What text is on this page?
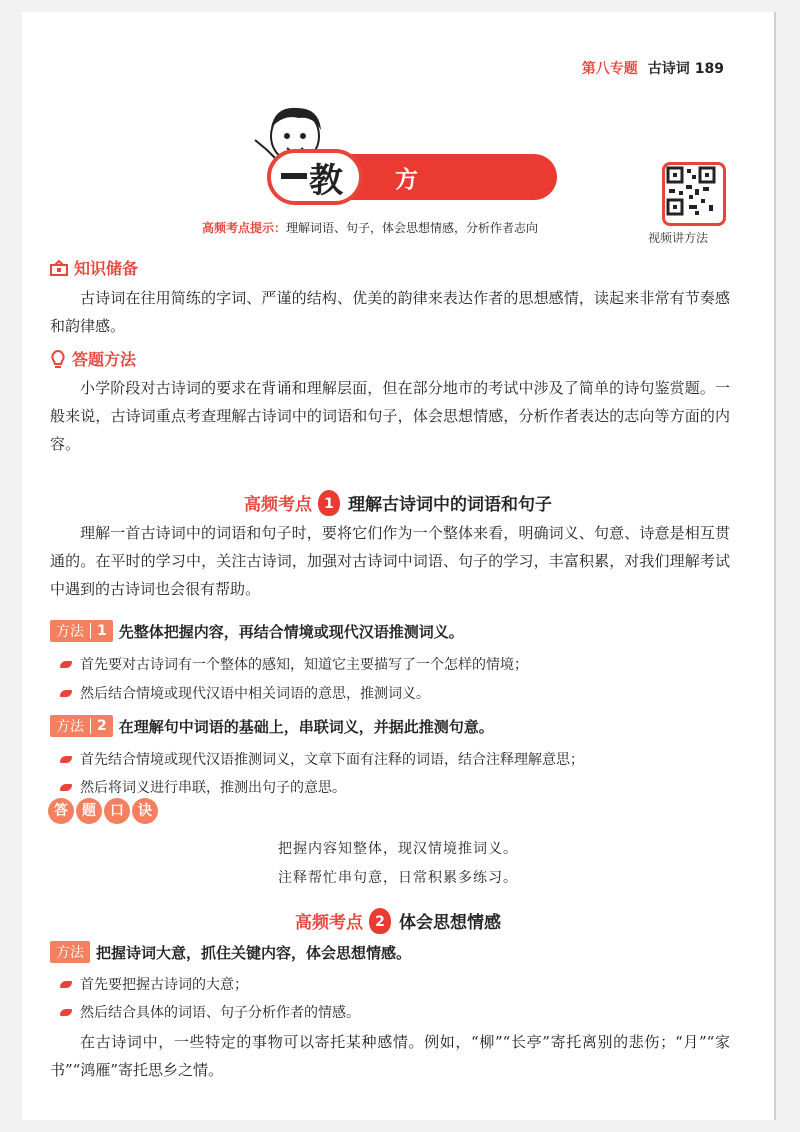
第八专题 古诗词 189
教 方法点拨
高频考点提示：理解词语、句子，体会思想情感，分析作者志向
视频讲方法
知识储备

古诗词在往用简练的字词、严谨的结构、优美的韵律来表达作者的思想感情，读起来非常有节奏感和韵律感。

答题方法

小学阶段对古诗词的要求在背诵和理解层面，但在部分地市的考试中涉及了简单的诗句鉴赏题。一般来说，古诗词重点考查理解古诗词中的词语和句子，体会思想情感，分析作者表达的志向等方面的内容。

高频考点 1 理解古诗词中的词语和句子

理解一首古诗词中的词语和句子时，要将它们作为一个整体来看，明确词义、句意、诗意是相互贯通的。在平时的学习中，关注古诗词，加强对古诗词中词语、句子的学习，丰富积累，对我们理解考试中遇到的古诗词也会很有帮助。

方法 1 先整体把握内容，再结合情境或现代汉语推测词义。
首先要对古诗词有一个整体的感知，知道它主要描写了一个怎样的情境；
然后结合情境或现代汉语中相关词语的意思，推测词义。
方法 2 在理解句中词语的基础上，串联词义，并据此推测句意。
首先结合情境或现代汉语推测词义，文章下面有注释的词语，结合注释理解意思；
然后将词义进行串联，推测出句子的意思。
答	题	口	诀
把握内容知整体，现汉情境推词义。
注释帮忙串句意，日常积累多练习。
高频考点 2 体会思想情感
方法 把握诗词大意，抓住关键内容，体会思想情感。
首先要把握古诗词的大意；
然后结合具体的词语、句子分析作者的情感。

在古诗词中，一些特定的事物可以寄托某种感情。例如，“柳”“长亭”寄托离别的悲伤；“月”“家书”“鸿雁”寄托思乡之情。
